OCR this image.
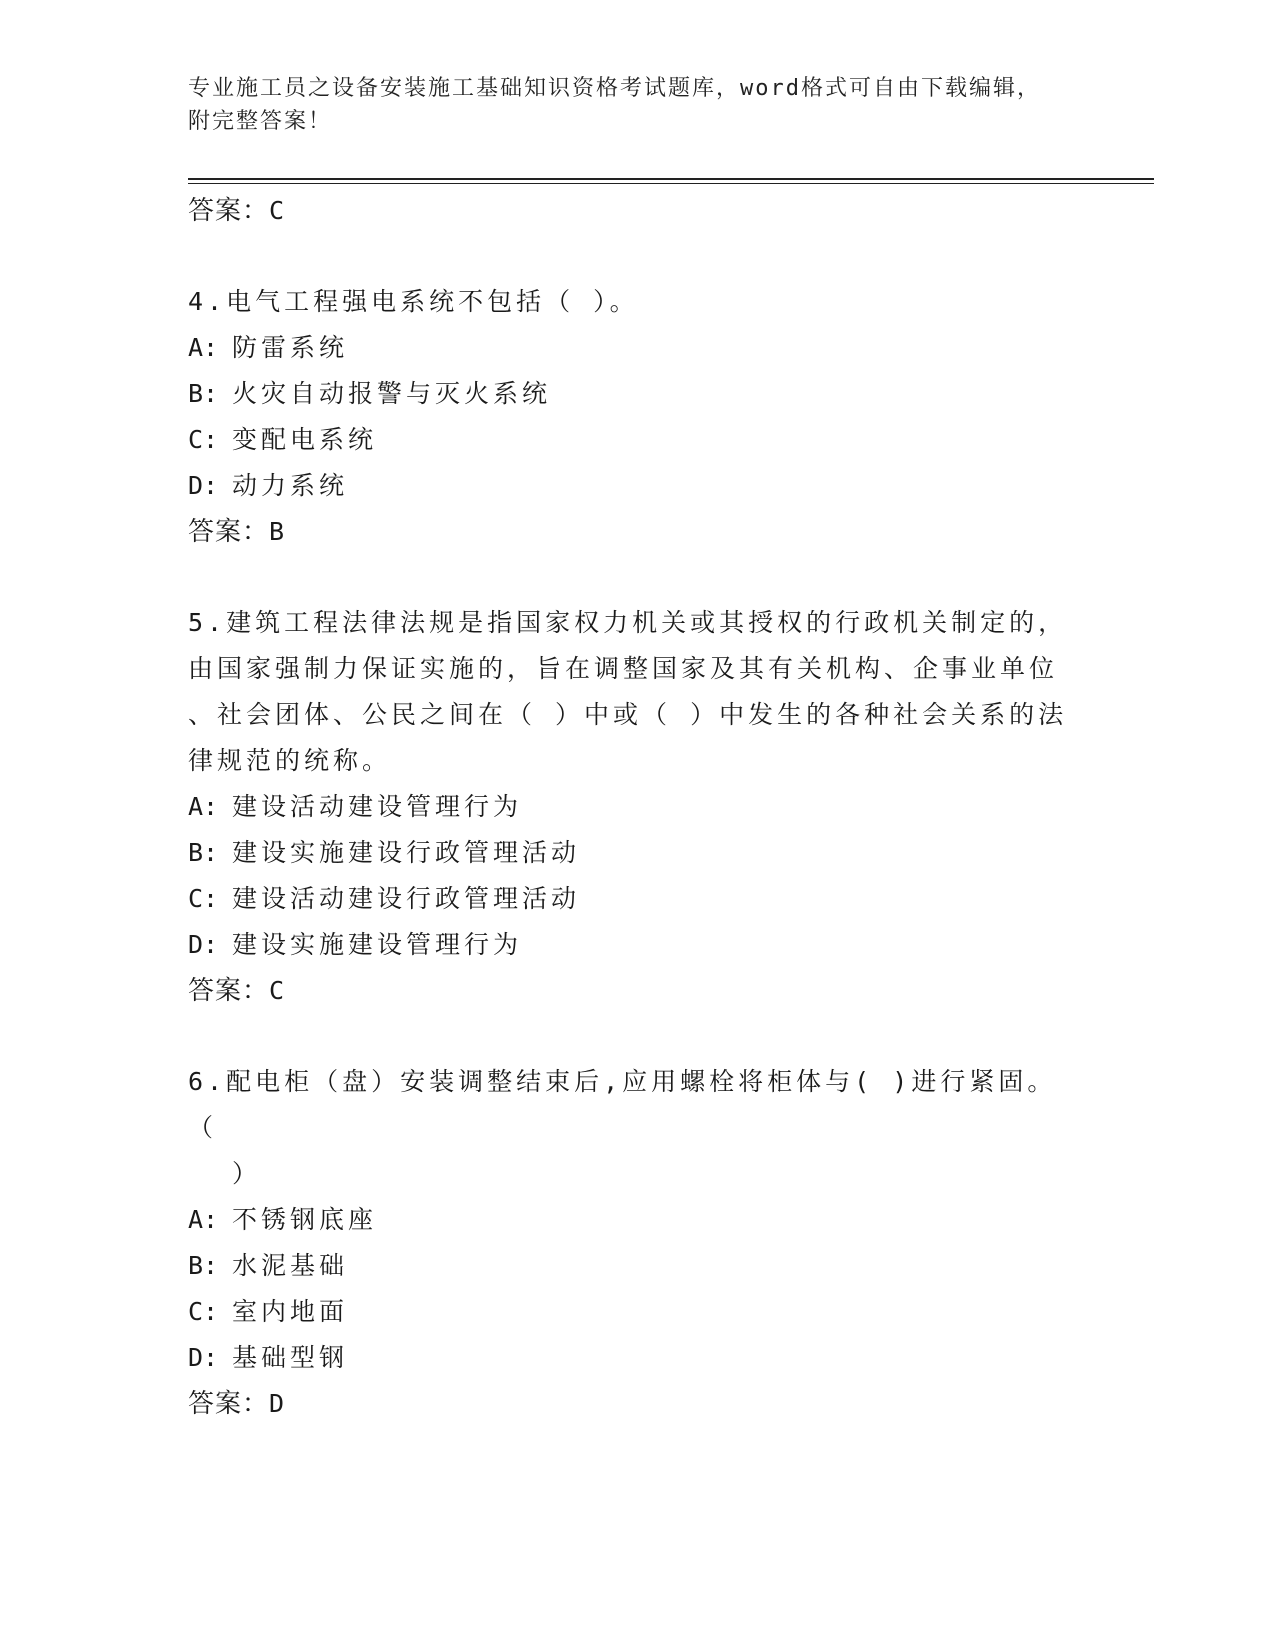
专业施工员之设备安装施工基础知识资格考试题库，word格式可自由下载编辑，
附完整答案！
答案：C
4.电气工程强电系统不包括（ ）。
A: 防雷系统
B: 火灾自动报警与灭火系统
C: 变配电系统
D: 动力系统
答案：B
5.建筑工程法律法规是指国家权力机关或其授权的行政机关制定的，
由国家强制力保证实施的，旨在调整国家及其有关机构、企事业单位
、社会团体、公民之间在（ ）中或（ ）中发生的各种社会关系的法
律规范的统称。
A: 建设活动建设管理行为
B: 建设实施建设行政管理活动
C: 建设活动建设行政管理活动
D: 建设实施建设管理行为
答案：C
6.配电柜（盘）安装调整结束后,应用螺栓将柜体与( )进行紧固。（
）
A: 不锈钢底座
B: 水泥基础
C: 室内地面
D: 基础型钢
答案：D
